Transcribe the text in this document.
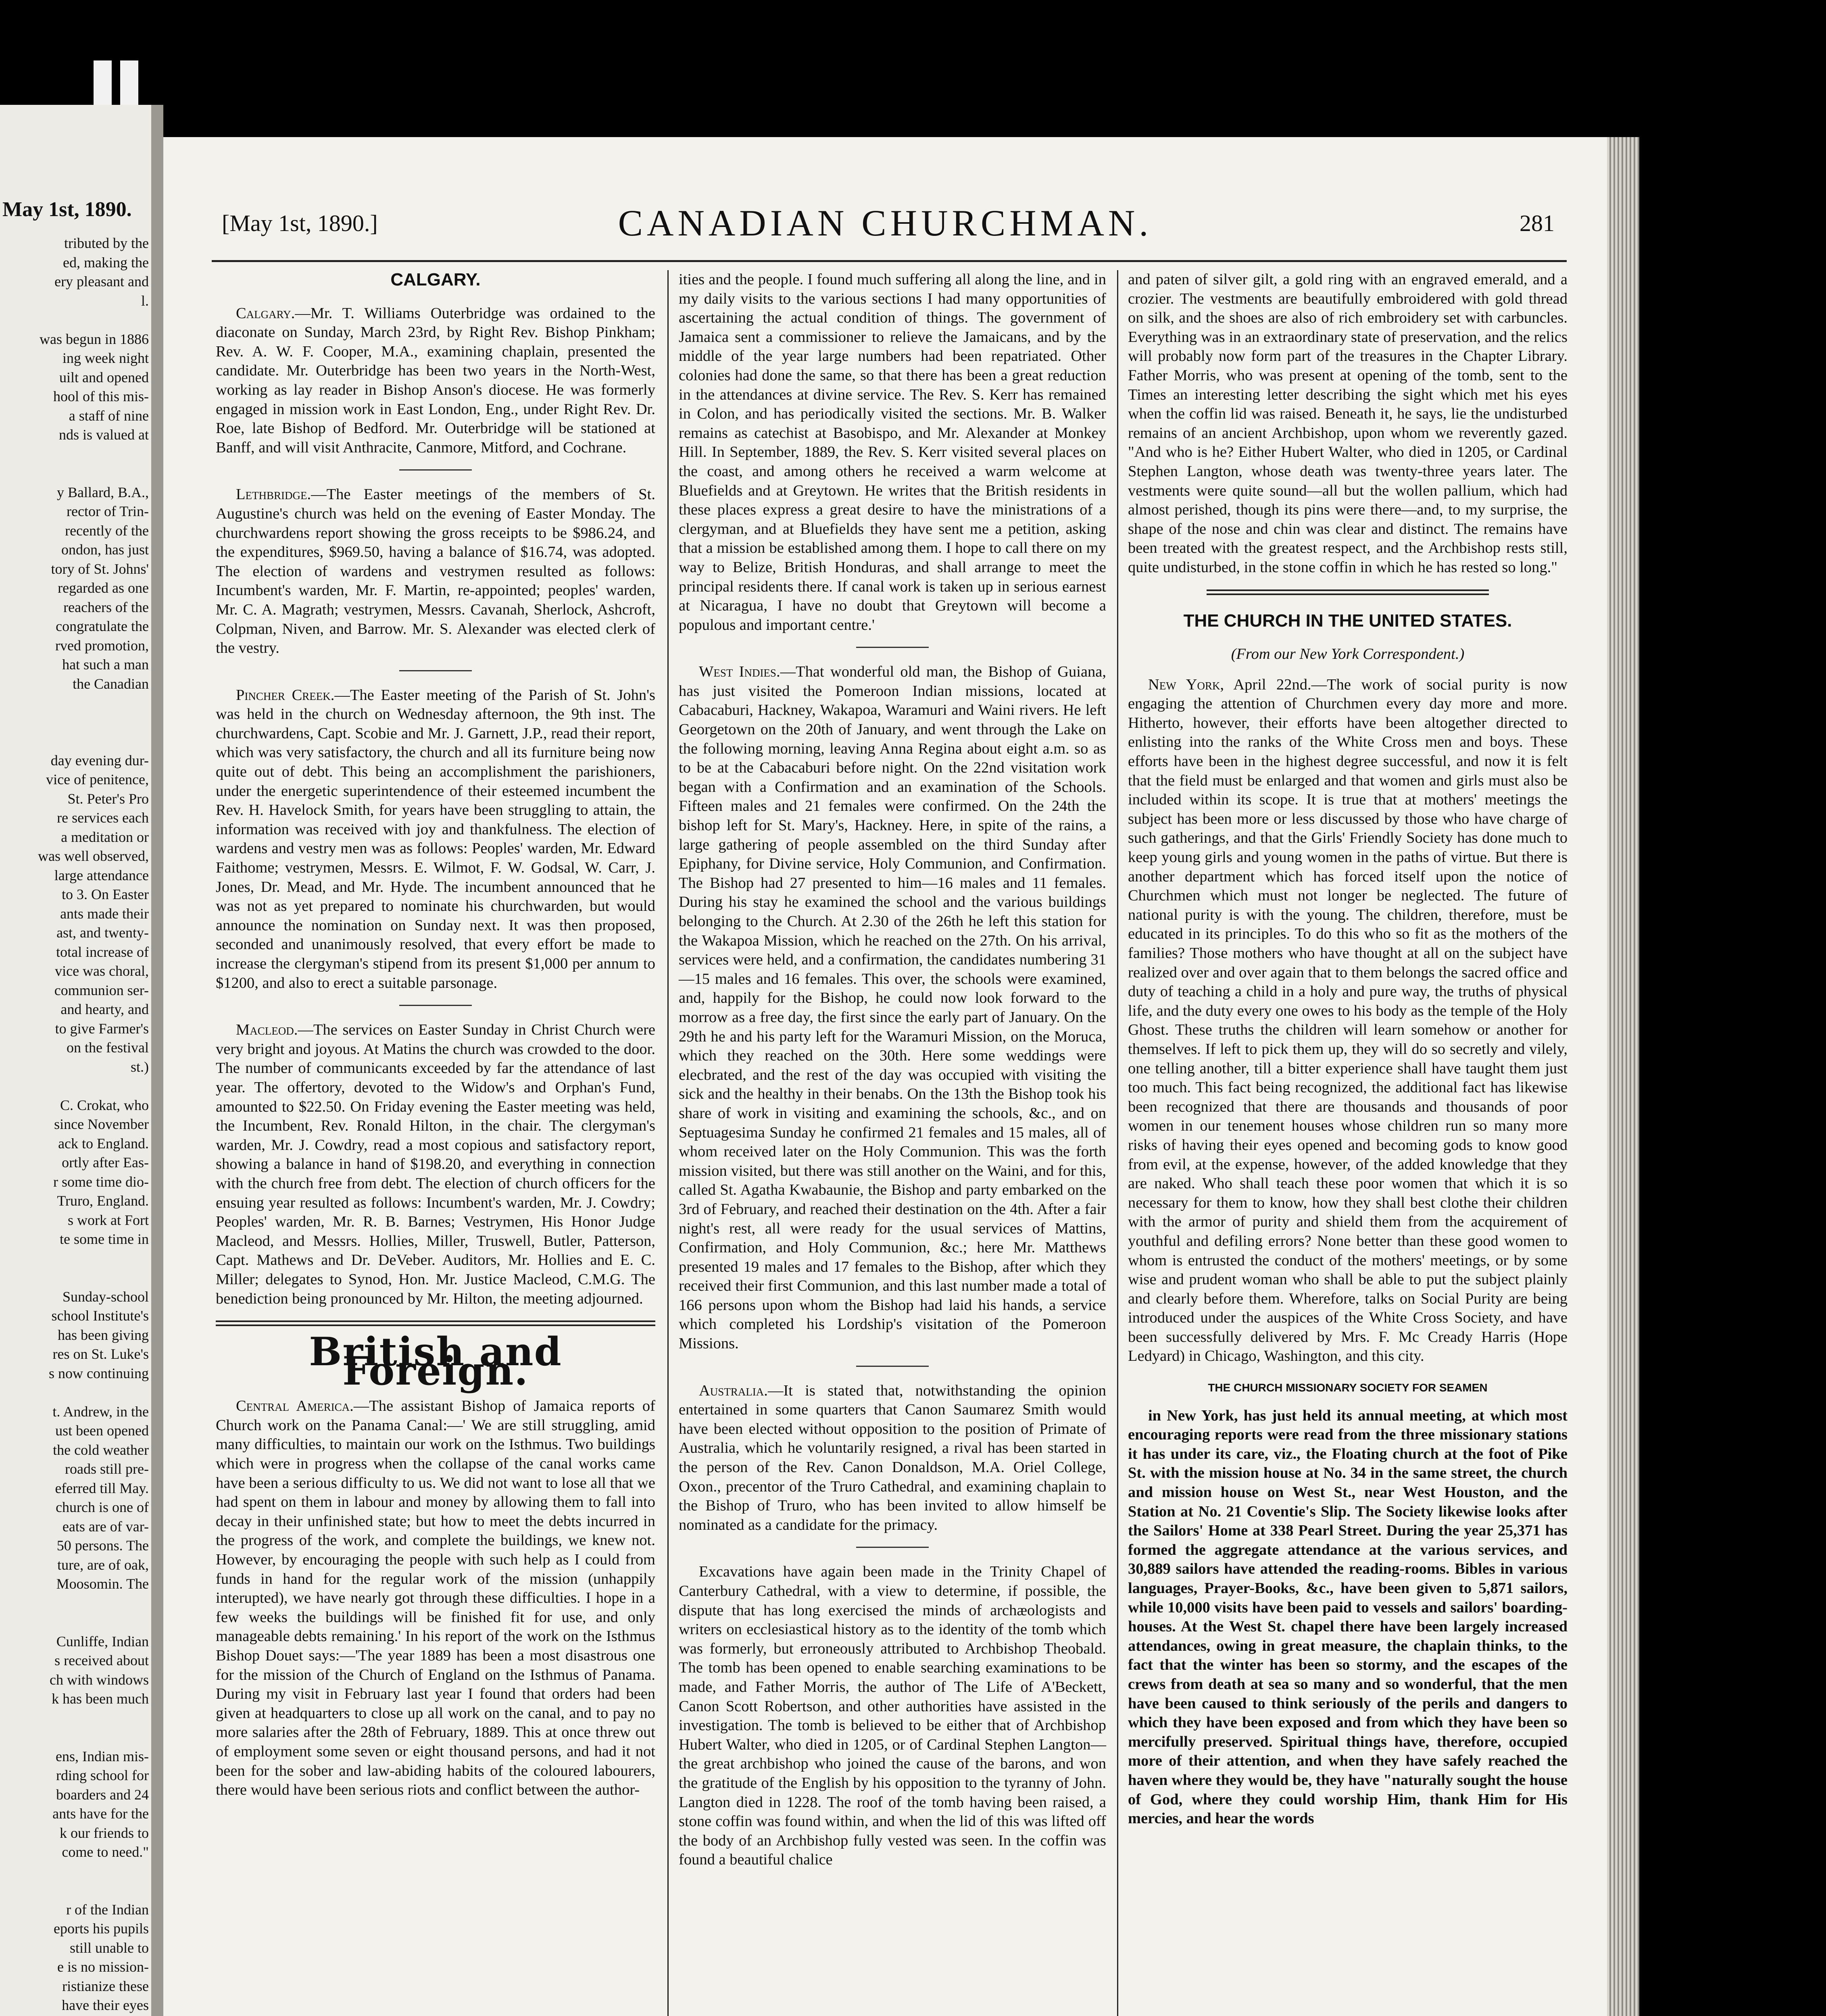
May 1st, 1890.
tributed by the
ed, making the
ery pleasant and
l.

was begun in 1886
ing week night
uilt and opened
hool of this mis-
a staff of nine
nds is valued at

y Ballard, B.A.,
rector of Trin-
recently of the
ondon, has just
tory of St. Johns'
regarded as one
reachers of the
congratulate the
rved promotion,
hat such a man
the Canadian

day evening dur-
vice of penitence,
St. Peter's Pro
re services each
a meditation or
was well observed,
large attendance
to 3. On Easter
ants made their
ast, and twenty-
total increase of
vice was choral,
communion ser-
and hearty, and
to give Farmer's
on the festival
st.)

C. Crokat, who
since November
ack to England.
ortly after Eas-
r some time dio-
Truro, England.
s work at Fort
te some time in

Sunday-school
school Institute's
has been giving
res on St. Luke's
s now continuing

t. Andrew, in the
ust been opened
the cold weather
roads still pre-
eferred till May.
church is one of
eats are of var-
50 persons. The
ture, are of oak,
Moosomin. The

Cunliffe, Indian
s received about
ch with windows
k has been much

ens, Indian mis-
rding school for
boarders and 24
ants have for the
k our friends to
come to need."

r of the Indian
eports his pupils
still unable to
e is no mission-
ristianize these
have their eyes
CANADIAN CHURCHMAN.
[May 1st, 1890.]	281
CALGARY.

Calgary.—Mr. T. Williams Outerbridge was ordained to the diaconate on Sunday, March 23rd, by Right Rev. Bishop Pinkham; Rev. A. W. F. Cooper, M.A., examining chaplain, presented the candidate. Mr. Outerbridge has been two years in the North-West, working as lay reader in Bishop Anson's diocese. He was formerly engaged in mission work in East London, Eng., under Right Rev. Dr. Roe, late Bishop of Bedford. Mr. Outerbridge will be stationed at Banff, and will visit Anthracite, Canmore, Mitford, and Cochrane.

Lethbridge.—The Easter meetings of the members of St. Augustine's church was held on the evening of Easter Monday. The churchwardens report showing the gross receipts to be $986.24, and the expenditures, $969.50, having a balance of $16.74, was adopted. The election of wardens and vestrymen resulted as follows: Incumbent's warden, Mr. F. Martin, re-appointed; peoples' warden, Mr. C. A. Magrath; vestrymen, Messrs. Cavanah, Sherlock, Ashcroft, Colpman, Niven, and Barrow. Mr. S. Alexander was elected clerk of the vestry.

Pincher Creek.—The Easter meeting of the Parish of St. John's was held in the church on Wednesday afternoon, the 9th inst. The churchwardens, Capt. Scobie and Mr. J. Garnett, J.P., read their report, which was very satisfactory, the church and all its furniture being now quite out of debt. This being an accomplishment the parishioners, under the energetic superintendence of their esteemed incumbent the Rev. H. Havelock Smith, for years have been struggling to attain, the information was received with joy and thankfulness. The election of wardens and vestry men was as follows: Peoples' warden, Mr. Edward Faithome; vestrymen, Messrs. E. Wilmot, F. W. Godsal, W. Carr, J. Jones, Dr. Mead, and Mr. Hyde. The incumbent announced that he was not as yet prepared to nominate his churchwarden, but would announce the nomination on Sunday next. It was then proposed, seconded and unanimously resolved, that every effort be made to increase the clergyman's stipend from its present $1,000 per annum to $1200, and also to erect a suitable parsonage.

Macleod.—The services on Easter Sunday in Christ Church were very bright and joyous. At Matins the church was crowded to the door. The number of communicants exceeded by far the attendance of last year. The offertory, devoted to the Widow's and Orphan's Fund, amounted to $22.50. On Friday evening the Easter meeting was held, the Incumbent, Rev. Ronald Hilton, in the chair. The clergyman's warden, Mr. J. Cowdry, read a most copious and satisfactory report, showing a balance in hand of $198.20, and everything in connection with the church free from debt. The election of church officers for the ensuing year resulted as follows: Incumbent's warden, Mr. J. Cowdry; Peoples' warden, Mr. R. B. Barnes; Vestrymen, His Honor Judge Macleod, and Messrs. Hollies, Miller, Truswell, Butler, Patterson, Capt. Mathews and Dr. DeVeber. Auditors, Mr. Hollies and E. C. Miller; delegates to Synod, Hon. Mr. Justice Macleod, C.M.G. The benediction being pronounced by Mr. Hilton, the meeting adjourned.

British and Foreign.

Central America.—The assistant Bishop of Jamaica reports of Church work on the Panama Canal:—' We are still struggling, amid many difficulties, to maintain our work on the Isthmus. Two buildings which were in progress when the collapse of the canal works came have been a serious difficulty to us. We did not want to lose all that we had spent on them in labour and money by allowing them to fall into decay in their unfinished state; but how to meet the debts incurred in the progress of the work, and complete the buildings, we knew not. However, by encouraging the people with such help as I could from funds in hand for the regular work of the mission (unhappily interupted), we have nearly got through these difficulties. I hope in a few weeks the buildings will be finished fit for use, and only manageable debts remaining.' In his report of the work on the Isthmus Bishop Douet says:—'The year 1889 has been a most disastrous one for the mission of the Church of England on the Isthmus of Panama. During my visit in February last year I found that orders had been given at headquarters to close up all work on the canal, and to pay no more salaries after the 28th of February, 1889. This at once threw out of employment some seven or eight thousand persons, and had it not been for the sober and law-abiding habits of the coloured labourers, there would have been serious riots and conflict between the author-

ities and the people. I found much suffering all along the line, and in my daily visits to the various sections I had many opportunities of ascertaining the actual condition of things. The government of Jamaica sent a commissioner to relieve the Jamaicans, and by the middle of the year large numbers had been repatriated. Other colonies had done the same, so that there has been a great reduction in the attendances at divine service. The Rev. S. Kerr has remained in Colon, and has periodically visited the sections. Mr. B. Walker remains as catechist at Basobispo, and Mr. Alexander at Monkey Hill. In September, 1889, the Rev. S. Kerr visited several places on the coast, and among others he received a warm welcome at Bluefields and at Greytown. He writes that the British residents in these places express a great desire to have the ministrations of a clergyman, and at Bluefields they have sent me a petition, asking that a mission be established among them. I hope to call there on my way to Belize, British Honduras, and shall arrange to meet the principal residents there. If canal work is taken up in serious earnest at Nicaragua, I have no doubt that Greytown will become a populous and important centre.'

West Indies.—That wonderful old man, the Bishop of Guiana, has just visited the Pomeroon Indian missions, located at Cabacaburi, Hackney, Wakapoa, Waramuri and Waini rivers. He left Georgetown on the 20th of January, and went through the Lake on the following morning, leaving Anna Regina about eight a.m. so as to be at the Cabacaburi before night. On the 22nd visitation work began with a Confirmation and an examination of the Schools. Fifteen males and 21 females were confirmed. On the 24th the bishop left for St. Mary's, Hackney. Here, in spite of the rains, a large gathering of people assembled on the third Sunday after Epiphany, for Divine service, Holy Communion, and Confirmation. The Bishop had 27 presented to him—16 males and 11 females. During his stay he examined the school and the various buildings belonging to the Church. At 2.30 of the 26th he left this station for the Wakapoa Mission, which he reached on the 27th. On his arrival, services were held, and a confirmation, the candidates numbering 31—15 males and 16 females. This over, the schools were examined, and, happily for the Bishop, he could now look forward to the morrow as a free day, the first since the early part of January. On the 29th he and his party left for the Waramuri Mission, on the Moruca, which they reached on the 30th. Here some weddings were elecbrated, and the rest of the day was occupied with visiting the sick and the healthy in their benabs. On the 13th the Bishop took his share of work in visiting and examining the schools, &c., and on Septuagesima Sunday he confirmed 21 females and 15 males, all of whom received later on the Holy Communion. This was the forth mission visited, but there was still another on the Waini, and for this, called St. Agatha Kwabaunie, the Bishop and party embarked on the 3rd of February, and reached their destination on the 4th. After a fair night's rest, all were ready for the usual services of Mattins, Confirmation, and Holy Communion, &c.; here Mr. Matthews presented 19 males and 17 females to the Bishop, after which they received their first Communion, and this last number made a total of 166 persons upon whom the Bishop had laid his hands, a service which completed his Lordship's visitation of the Pomeroon Missions.

Australia.—It is stated that, notwithstanding the opinion entertained in some quarters that Canon Saumarez Smith would have been elected without opposition to the position of Primate of Australia, which he voluntarily resigned, a rival has been started in the person of the Rev. Canon Donaldson, M.A. Oriel College, Oxon., precentor of the Truro Cathedral, and examining chaplain to the Bishop of Truro, who has been invited to allow himself be nominated as a candidate for the primacy.

Excavations have again been made in the Trinity Chapel of Canterbury Cathedral, with a view to determine, if possible, the dispute that has long exercised the minds of archæologists and writers on ecclesiastical history as to the identity of the tomb which was formerly, but erroneously attributed to Archbishop Theobald. The tomb has been opened to enable searching examinations to be made, and Father Morris, the author of The Life of A'Beckett, Canon Scott Robertson, and other authorities have assisted in the investigation. The tomb is believed to be either that of Archbishop Hubert Walter, who died in 1205, or of Cardinal Stephen Langton—the great archbishop who joined the cause of the barons, and won the gratitude of the English by his opposition to the tyranny of John. Langton died in 1228. The roof of the tomb having been raised, a stone coffin was found within, and when the lid of this was lifted off the body of an Archbishop fully vested was seen. In the coffin was found a beautiful chalice

and paten of silver gilt, a gold ring with an engraved emerald, and a crozier. The vestments are beautifully embroidered with gold thread on silk, and the shoes are also of rich embroidery set with carbuncles. Everything was in an extraordinary state of preservation, and the relics will probably now form part of the treasures in the Chapter Library. Father Morris, who was present at opening of the tomb, sent to the Times an interesting letter describing the sight which met his eyes when the coffin lid was raised. Beneath it, he says, lie the undisturbed remains of an ancient Archbishop, upon whom we reverently gazed. "And who is he? Either Hubert Walter, who died in 1205, or Cardinal Stephen Langton, whose death was twenty-three years later. The vestments were quite sound—all but the wollen pallium, which had almost perished, though its pins were there—and, to my surprise, the shape of the nose and chin was clear and distinct. The remains have been treated with the greatest respect, and the Archbishop rests still, quite undisturbed, in the stone coffin in which he has rested so long."

THE CHURCH IN THE UNITED STATES.

(From our New York Correspondent.)

New York, April 22nd.—The work of social purity is now engaging the attention of Churchmen every day more and more. Hitherto, however, their efforts have been altogether directed to enlisting into the ranks of the White Cross men and boys. These efforts have been in the highest degree successful, and now it is felt that the field must be enlarged and that women and girls must also be included within its scope. It is true that at mothers' meetings the subject has been more or less discussed by those who have charge of such gatherings, and that the Girls' Friendly Society has done much to keep young girls and young women in the paths of virtue. But there is another department which has forced itself upon the notice of Churchmen which must not longer be neglected. The future of national purity is with the young. The children, therefore, must be educated in its principles. To do this who so fit as the mothers of the families? Those mothers who have thought at all on the subject have realized over and over again that to them belongs the sacred office and duty of teaching a child in a holy and pure way, the truths of physical life, and the duty every one owes to his body as the temple of the Holy Ghost. These truths the children will learn somehow or another for themselves. If left to pick them up, they will do so secretly and vilely, one telling another, till a bitter experience shall have taught them just too much. This fact being recognized, the additional fact has likewise been recognized that there are thousands and thousands of poor women in our tenement houses whose children run so many more risks of having their eyes opened and becoming gods to know good from evil, at the expense, however, of the added knowledge that they are naked. Who shall teach these poor women that which it is so necessary for them to know, how they shall best clothe their children with the armor of purity and shield them from the acquirement of youthful and defiling errors? None better than these good women to whom is entrusted the conduct of the mothers' meetings, or by some wise and prudent woman who shall be able to put the subject plainly and clearly before them. Wherefore, talks on Social Purity are being introduced under the auspices of the White Cross Society, and have been successfully delivered by Mrs. F. Mc Cready Harris (Hope Ledyard) in Chicago, Washington, and this city.

THE CHURCH MISSIONARY SOCIETY FOR SEAMEN

in New York, has just held its annual meeting, at which most encouraging reports were read from the three missionary stations it has under its care, viz., the Floating church at the foot of Pike St. with the mission house at No. 34 in the same street, the church and mission house on West St., near West Houston, and the Station at No. 21 Coventie's Slip. The Society likewise looks after the Sailors' Home at 338 Pearl Street. During the year 25,371 has formed the aggregate attendance at the various services, and 30,889 sailors have attended the reading-rooms. Bibles in various languages, Prayer-Books, &c., have been given to 5,871 sailors, while 10,000 visits have been paid to vessels and sailors' boarding-houses. At the West St. chapel there have been largely increased attendances, owing in great measure, the chaplain thinks, to the fact that the winter has been so stormy, and the escapes of the crews from death at sea so many and so wonderful, that the men have been caused to think seriously of the perils and dangers to which they have been exposed and from which they have been so mercifully preserved. Spiritual things have, therefore, occupied more of their attention, and when they have safely reached the haven where they would be, they have "naturally sought the house of God, where they could worship Him, thank Him for His mercies, and hear the words
